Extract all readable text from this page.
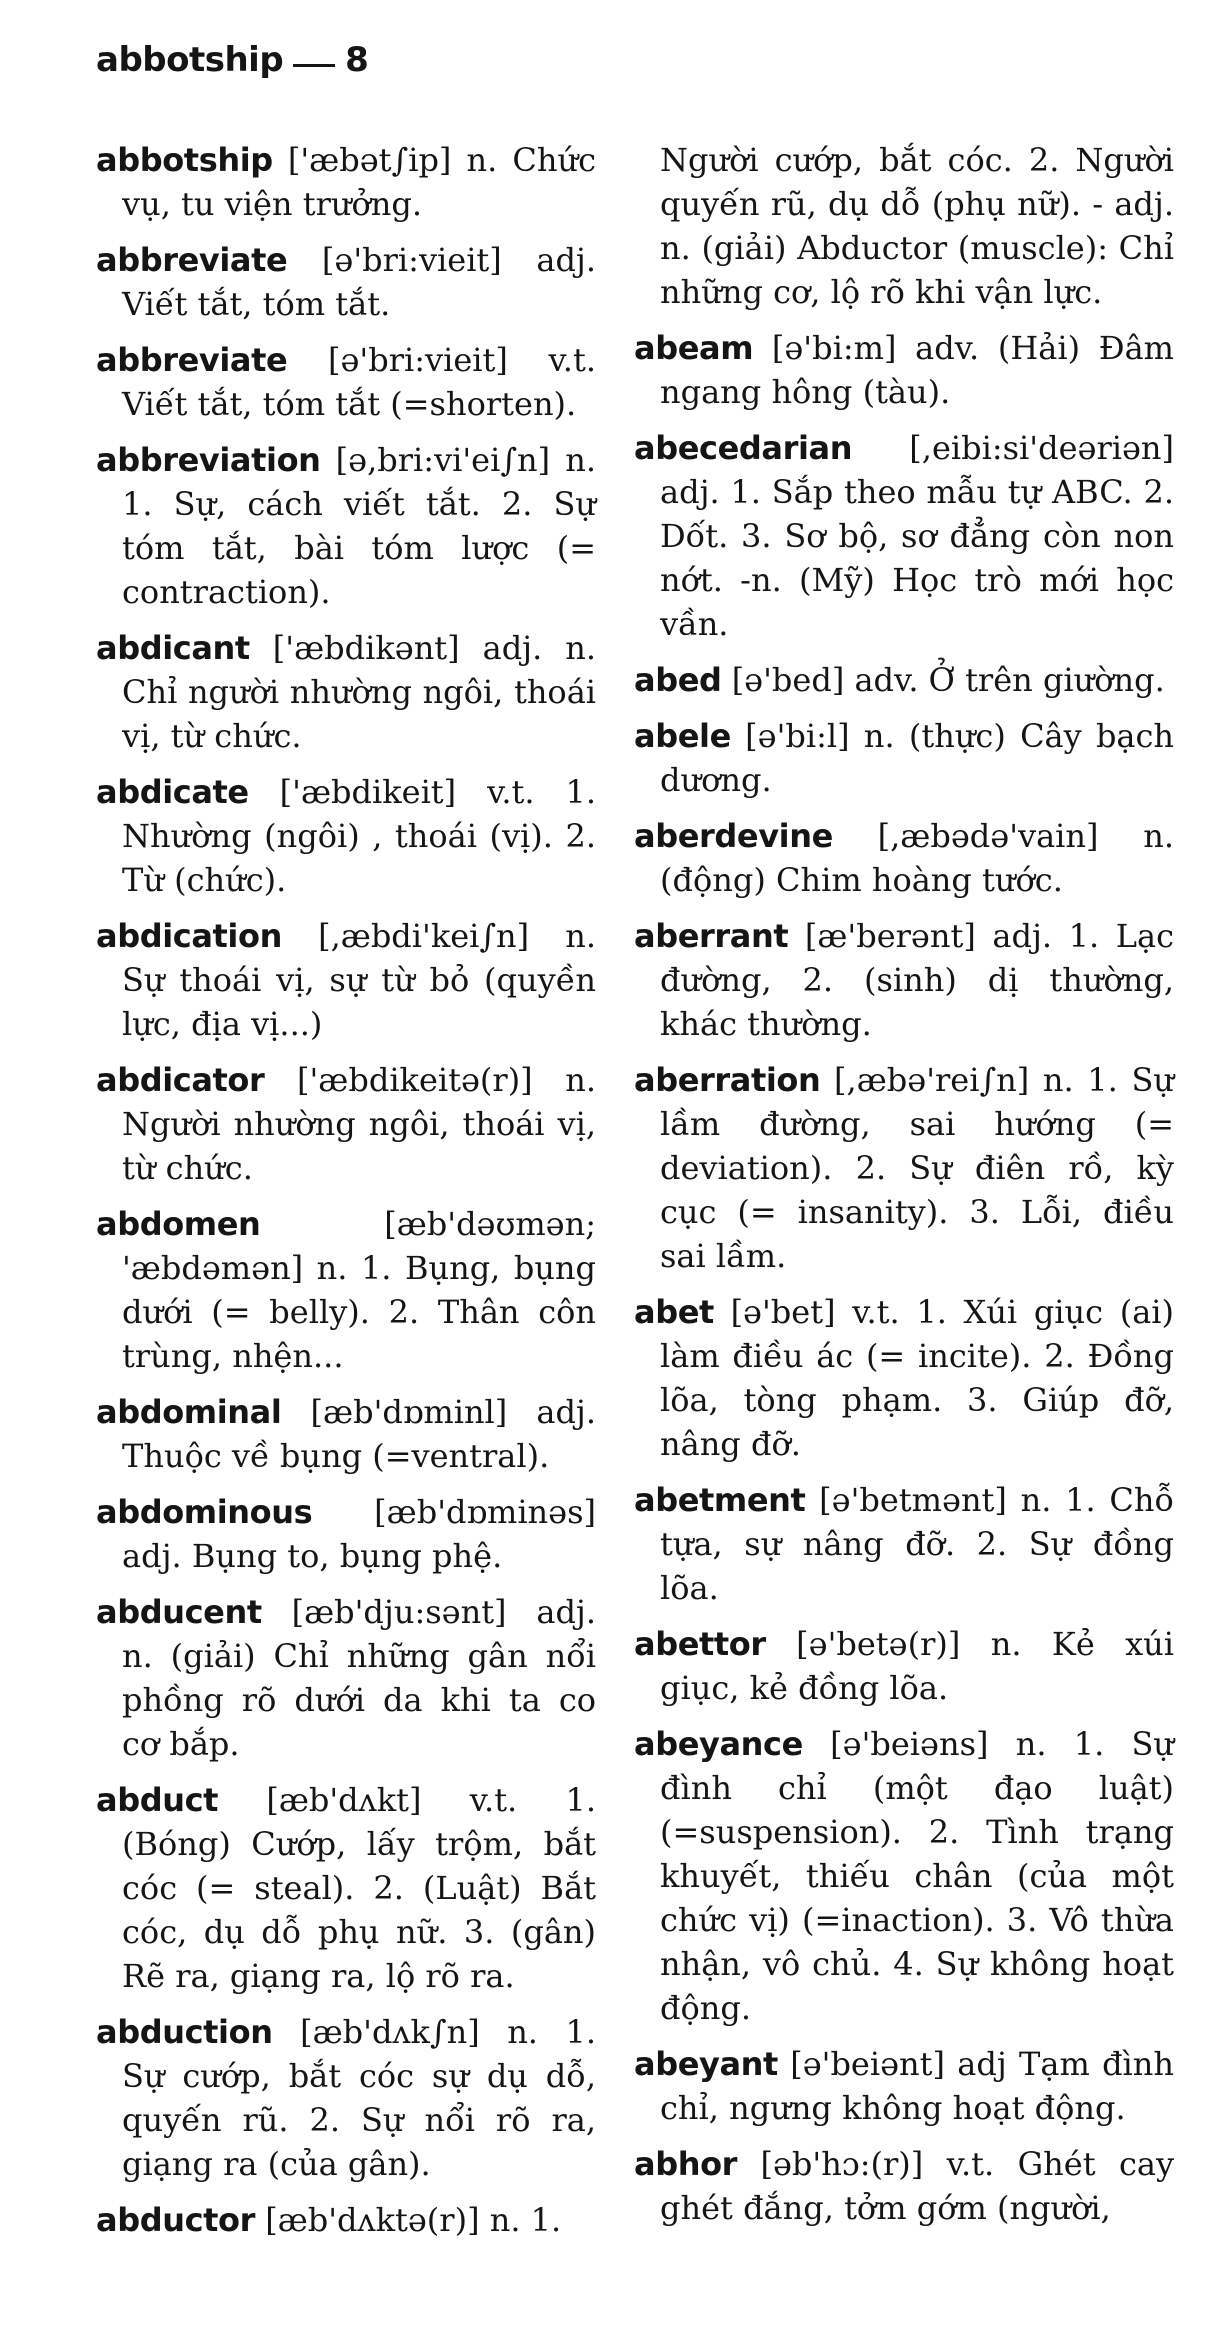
abbotship 8

abbotship ['æbət∫ip] n. Chức vụ, tu viện trưởng.

abbreviate [ə'bri:vieit] adj. Viết tắt, tóm tắt.

abbreviate [ə'bri:vieit] v.t. Viết tắt, tóm tắt (=shorten).

abbreviation [ə,bri:vi'ei∫n] n. 1. Sự, cách viết tắt. 2. Sự tóm tắt, bài tóm lược (= contraction).

abdicant ['æbdikənt] adj. n. Chỉ người nhường ngôi, thoái vị, từ chức.

abdicate ['æbdikeit] v.t. 1. Nhường (ngôi) , thoái (vị). 2. Từ (chức).

abdication [,æbdi'kei∫n] n. Sự thoái vị, sự từ bỏ (quyền lực, địa vị...)

abdicator ['æbdikeitə(r)] n. Người nhường ngôi, thoái vị, từ chức.

abdomen	[æb'dəʊmən; 'æbdəmən] n. 1. Bụng, bụng dưới (= belly). 2. Thân côn trùng, nhện...

abdominal [æb'dɒminl] adj. Thuộc về bụng (=ventral).

abdominous [æb'dɒminəs] adj. Bụng to, bụng phệ.

abducent [æb'dju:sənt] adj. n. (giải) Chỉ những gân nổi phồng rõ dưới da khi ta co cơ bắp.

abduct [æb'dʌkt] v.t. 1. (Bóng) Cướp, lấy trộm, bắt cóc (= steal). 2. (Luật) Bắt cóc, dụ dỗ phụ nữ. 3. (gân) Rẽ ra, giạng ra, lộ rõ ra.

abduction [æb'dʌk∫n] n. 1. Sự cướp, bắt cóc sự dụ dỗ, quyến rũ. 2. Sự nổi rõ ra, giạng ra (của gân).

abductor [æb'dʌktə(r)] n. 1.

Người cướp, bắt cóc. 2. Người quyến rũ, dụ dỗ (phụ nữ). - adj. n. (giải) Abductor (muscle): Chỉ những cơ, lộ rõ khi vận lực.

abeam [ə'bi:m] adv. (Hải) Đâm ngang hông (tàu).

abecedarian [,eibi:si'deəriən] adj. 1. Sắp theo mẫu tự ABC. 2. Dốt. 3. Sơ bộ, sơ đẳng còn non nớt. -n. (Mỹ) Học trò mới học vần.

abed [ə'bed] adv. Ở trên giường.

abele [ə'bi:l] n. (thực) Cây bạch dương.

aberdevine [,æbədə'vain] n. (động) Chim hoàng tước.

aberrant [æ'berənt] adj. 1. Lạc đường, 2. (sinh) dị thường, khác thường.

aberration [,æbə'rei∫n] n. 1. Sự lầm đường, sai hướng (= deviation). 2. Sự điên rồ, kỳ cục (= insanity). 3. Lỗi, điều sai lầm.

abet [ə'bet] v.t. 1. Xúi giục (ai) làm điều ác (= incite). 2. Đồng lõa, tòng phạm. 3. Giúp đỡ, nâng đỡ.

abetment [ə'betmənt] n. 1. Chỗ tựa, sự nâng đỡ. 2. Sự đồng lõa.

abettor [ə'betə(r)] n. Kẻ xúi giục, kẻ đồng lõa.

abeyance [ə'beiəns] n. 1. Sự đình chỉ (một đạo luật) (=suspension). 2. Tình trạng khuyết, thiếu chân (của một chức vị) (=inaction). 3. Vô thừa nhận, vô chủ. 4. Sự không hoạt động.

abeyant [ə'beiənt] adj Tạm đình chỉ, ngưng không hoạt động.

abhor [əb'hɔ:(r)] v.t. Ghét cay ghét đắng, tởm gớm (người,
